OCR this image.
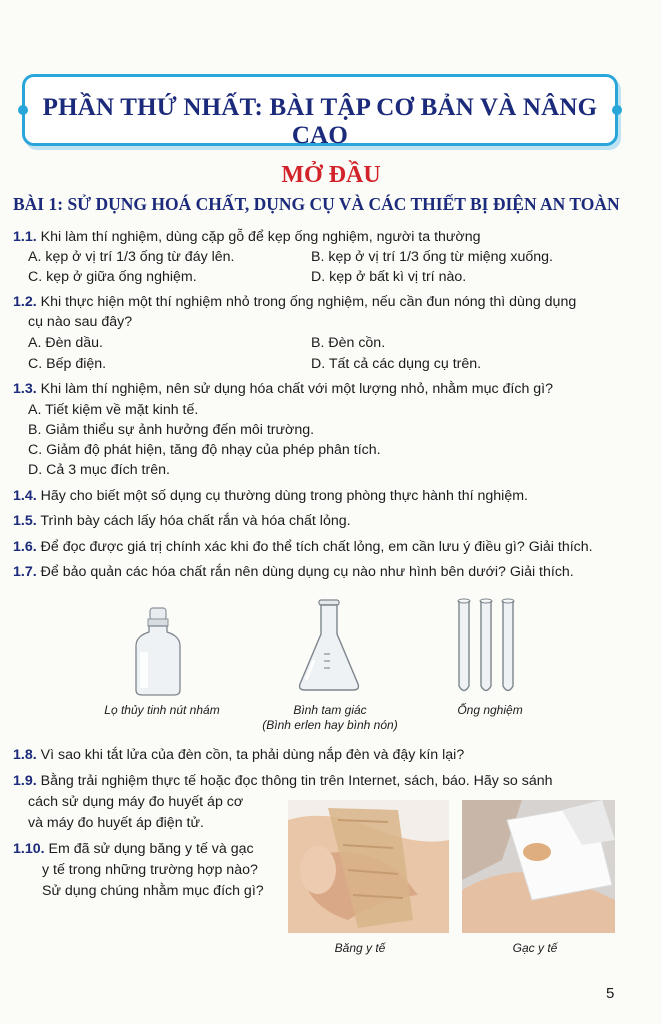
PHẦN THỨ NHẤT: BÀI TẬP CƠ BẢN VÀ NÂNG CAO
MỞ ĐẦU
BÀI 1: SỬ DỤNG HOÁ CHẤT, DỤNG CỤ VÀ CÁC THIẾT BỊ ĐIỆN AN TOÀN
1.1. Khi làm thí nghiệm, dùng cặp gỗ để kẹp ống nghiệm, người ta thường
A. kẹp ở vị trí 1/3 ống từ đáy lên.	B. kẹp ở vị trí 1/3 ống từ miệng xuống.
C. kẹp ở giữa ống nghiệm.	D. kẹp ở bất kì vị trí nào.
1.2. Khi thực hiện một thí nghiệm nhỏ trong ống nghiệm, nếu cần đun nóng thì dùng dụng
cụ nào sau đây?
A. Đèn dầu.	B. Đèn cồn.
C. Bếp điện.	D. Tất cả các dụng cụ trên.
1.3. Khi làm thí nghiệm, nên sử dụng hóa chất với một lượng nhỏ, nhằm mục đích gì?
A. Tiết kiệm về mặt kinh tế.
B. Giảm thiểu sự ảnh hưởng đến môi trường.
C. Giảm độ phát hiện, tăng độ nhạy của phép phân tích.
D. Cả 3 mục đích trên.
1.4. Hãy cho biết một số dụng cụ thường dùng trong phòng thực hành thí nghiệm.
1.5. Trình bày cách lấy hóa chất rắn và hóa chất lỏng.
1.6. Để đọc được giá trị chính xác khi đo thể tích chất lỏng, em cần lưu ý điều gì? Giải thích.
1.7. Để bảo quản các hóa chất rắn nên dùng dụng cụ nào như hình bên dưới? Giải thích.
Lọ thủy tinh nút nhám	Bình tam giác
(Bình erlen hay bình nón)
Ống nghiệm
1.8. Vì sao khi tắt lửa của đèn cồn, ta phải dùng nắp đèn và đậy kín lại?
1.9. Bằng trải nghiệm thực tế hoặc đọc thông tin trên Internet, sách, báo. Hãy so sánh
cách sử dụng máy đo huyết áp cơ
và máy đo huyết áp điện tử.
1.10. Em đã sử dụng băng y tế và gạc
y tế trong những trường hợp nào?
Sử dụng chúng nhằm mục đích gì?
Băng y tế	Gạc y tế
5
